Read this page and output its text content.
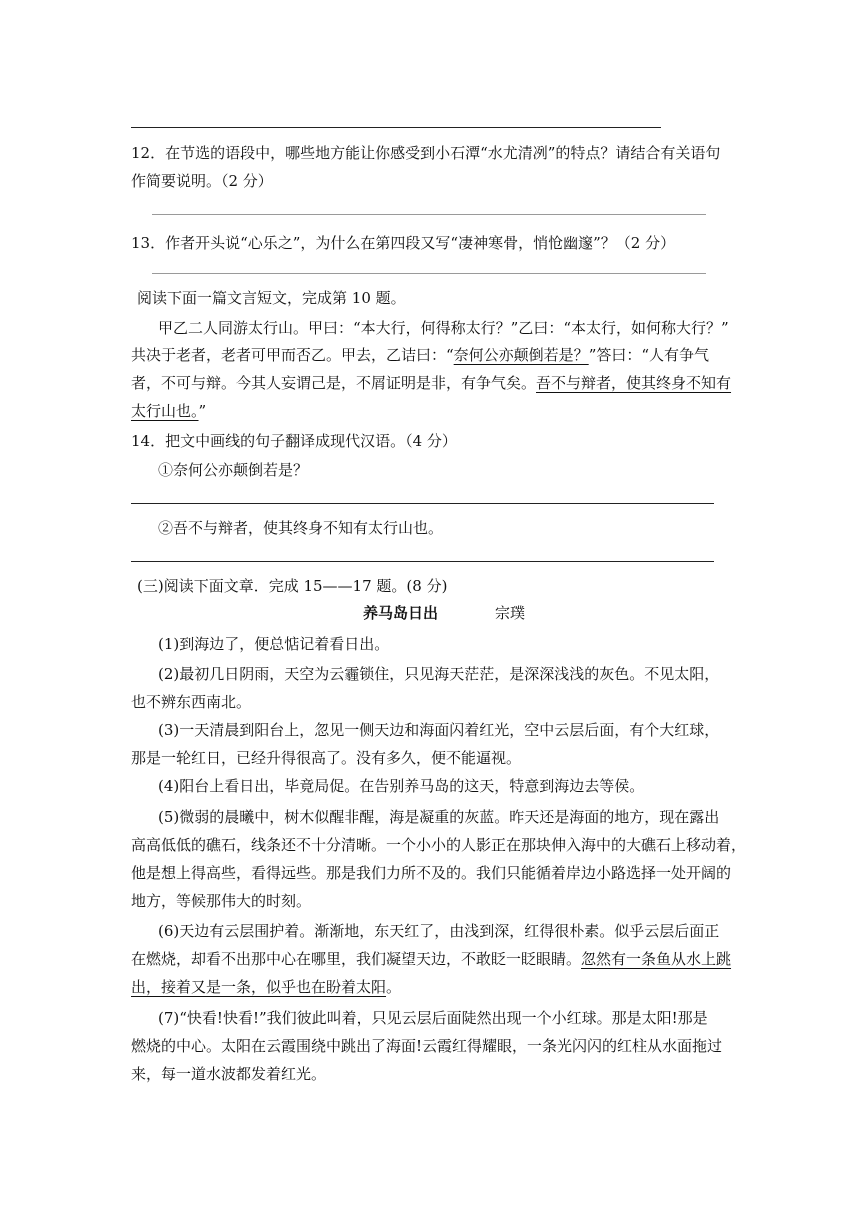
12．在节选的语段中，哪些地方能让你感受到小石潭“水尤清冽”的特点？请结合有关语句
作简要说明。（2 分）
13．作者开头说“心乐之”，为什么在第四段又写“凄神寒骨，悄怆幽邃”？（2 分）
阅读下面一篇文言短文，完成第 10 题。
甲乙二人同游太行山。甲曰：“本大行，何得称太行？”乙曰：“本太行，如何称大行？”
共决于老者，老者可甲而否乙。甲去，乙诘曰：“奈何公亦颠倒若是？”答曰：“人有争气
者，不可与辩。今其人妄谓己是，不屑证明是非，有争气矣。吾不与辩者，使其终身不知有
太行山也。”
14．把文中画线的句子翻译成现代汉语。（4 分）
①奈何公亦颠倒若是？
②吾不与辩者，使其终身不知有太行山也。
(三)阅读下面文章．完成 15——17 题。(8 分)
养马岛日出	宗璞
(1)到海边了，便总惦记着看日出。
(2)最初几日阴雨，天空为云霾锁住，只见海天茫茫，是深深浅浅的灰色。不见太阳，
也不辨东西南北。
(3)一天清晨到阳台上，忽见一侧天边和海面闪着红光，空中云层后面，有个大红球，
那是一轮红日，已经升得很高了。没有多久，便不能逼视。
(4)阳台上看日出，毕竟局促。在告别养马岛的这天，特意到海边去等侯。
(5)微弱的晨曦中，树木似醒非醒，海是凝重的灰蓝。昨天还是海面的地方，现在露出
高高低低的礁石，线条还不十分清晰。一个小小的人影正在那块伸入海中的大礁石上移动着，
他是想上得高些，看得远些。那是我们力所不及的。我们只能循着岸边小路选择一处开阔的
地方，等候那伟大的时刻。
(6)天边有云层围护着。渐渐地，东天红了，由浅到深，红得很朴素。似乎云层后面正
在燃烧，却看不出那中心在哪里，我们凝望天边，不敢眨一眨眼睛。忽然有一条鱼从水上跳
出，接着又是一条，似乎也在盼着太阳。
(7)“快看!快看!”我们彼此叫着，只见云层后面陡然出现一个小红球。那是太阳!那是
燃烧的中心。太阳在云霞围绕中跳出了海面!云霞红得耀眼，一条光闪闪的红柱从水面拖过
来，每一道水波都发着红光。
